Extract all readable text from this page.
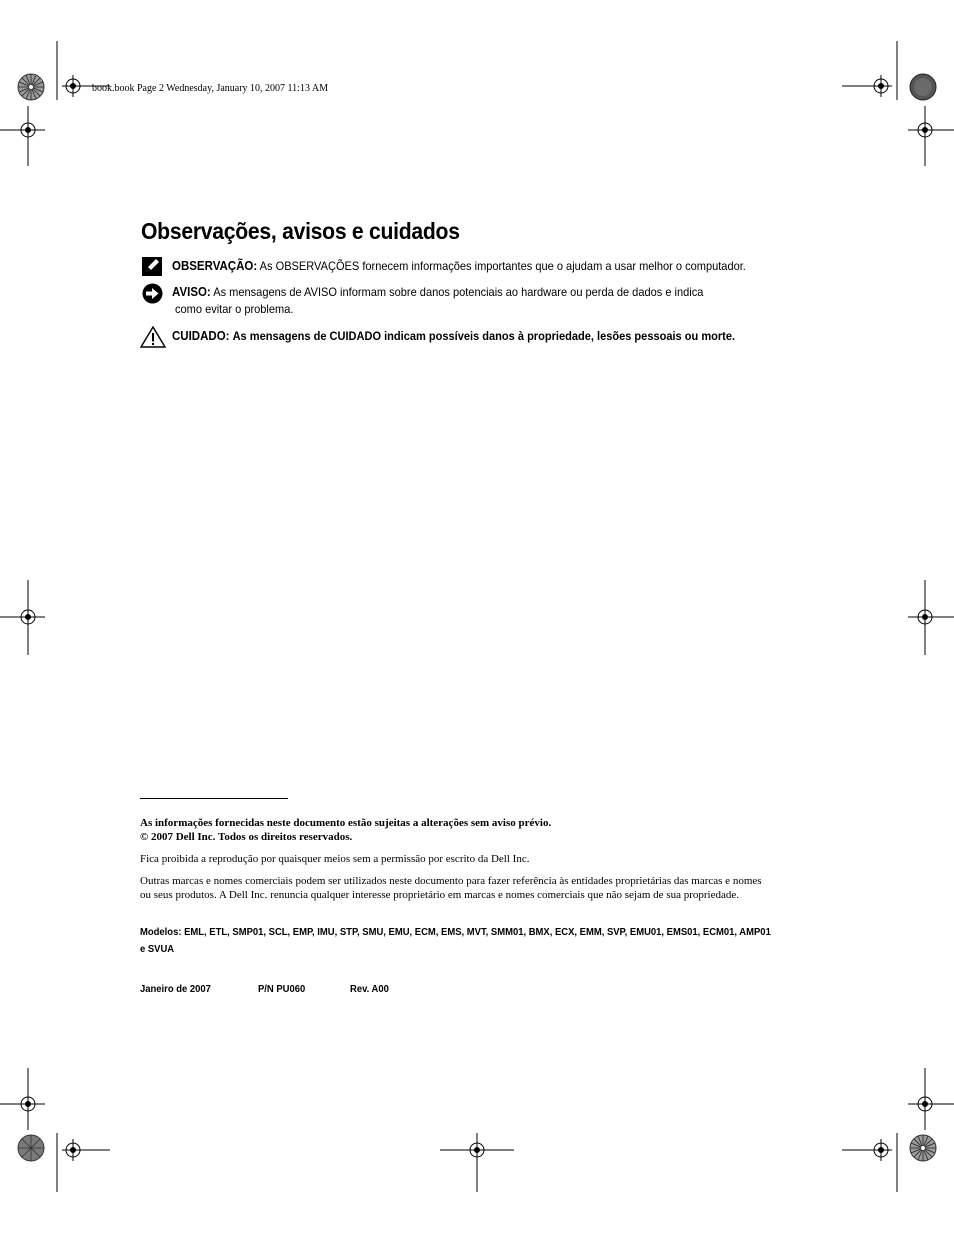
book.book Page 2 Wednesday, January 10, 2007 11:13 AM
Observações, avisos e cuidados
OBSERVAÇÃO: As OBSERVAÇÕES fornecem informações importantes que o ajudam a usar melhor o computador.
AVISO: As mensagens de AVISO informam sobre danos potenciais ao hardware ou perda de dados e indica
como evitar o problema.
CUIDADO: As mensagens de CUIDADO indicam possíveis danos à propriedade, lesões pessoais ou morte.
As informações fornecidas neste documento estão sujeitas a alterações sem aviso prévio.
© 2007 Dell Inc. Todos os direitos reservados.
Fica proibida a reprodução por quaisquer meios sem a permissão por escrito da Dell Inc.
Outras marcas e nomes comerciais podem ser utilizados neste documento para fazer referência às entidades proprietárias das marcas e nomes
ou seus produtos. A Dell Inc. renuncia qualquer interesse proprietário em marcas e nomes comerciais que não sejam de sua propriedade.
Modelos: EML, ETL, SMP01, SCL, EMP, IMU, STP, SMU, EMU, ECM, EMS, MVT, SMM01, BMX, ECX, EMM, SVP, EMU01, EMS01, ECM01, AMP01
e SVUA
Janeiro de 2007	P/N PU060	Rev. A00
